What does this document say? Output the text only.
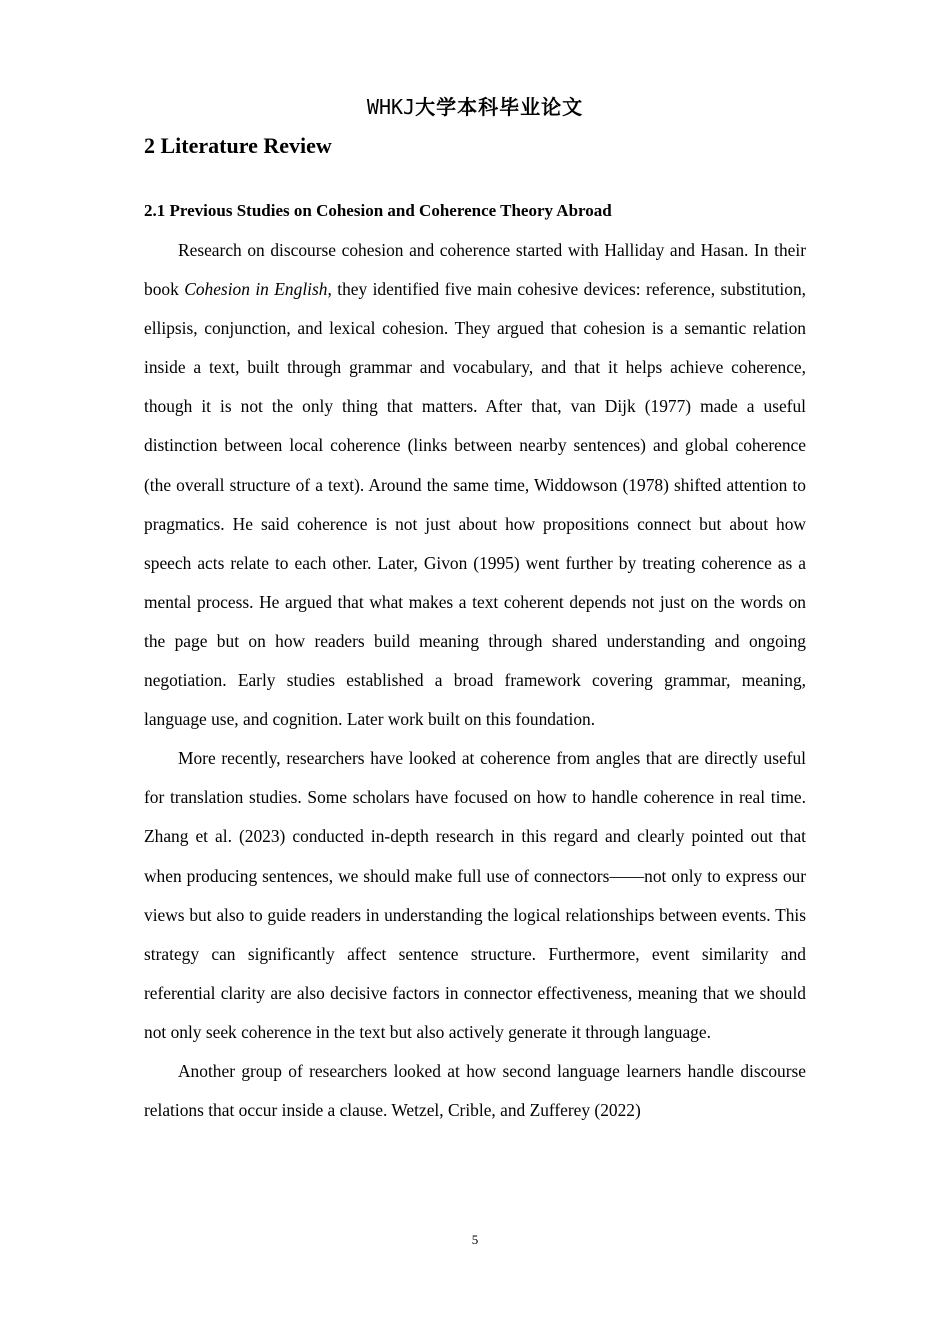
WHKJ大学本科毕业论文
2 Literature Review
2.1 Previous Studies on Cohesion and Coherence Theory Abroad

Research on discourse cohesion and coherence started with Halliday and Hasan. In their book Cohesion in English, they identified five main cohesive devices: reference, substitution, ellipsis, conjunction, and lexical cohesion. They argued that cohesion is a semantic relation inside a text, built through grammar and vocabulary, and that it helps achieve coherence, though it is not the only thing that matters. After that, van Dijk (1977) made a useful distinction between local coherence (links between nearby sentences) and global coherence (the overall structure of a text). Around the same time, Widdowson (1978) shifted attention to pragmatics. He said coherence is not just about how propositions connect but about how speech acts relate to each other. Later, Givon (1995) went further by treating coherence as a mental process. He argued that what makes a text coherent depends not just on the words on the page but on how readers build meaning through shared understanding and ongoing negotiation. Early studies established a broad framework covering grammar, meaning, language use, and cognition. Later work built on this foundation.

More recently, researchers have looked at coherence from angles that are directly useful for translation studies. Some scholars have focused on how to handle coherence in real time. Zhang et al. (2023) conducted in-depth research in this regard and clearly pointed out that when producing sentences, we should make full use of connectors——not only to express our views but also to guide readers in understanding the logical relationships between events. This strategy can significantly affect sentence structure. Furthermore, event similarity and referential clarity are also decisive factors in connector effectiveness, meaning that we should not only seek coherence in the text but also actively generate it through language.

Another group of researchers looked at how second language learners handle discourse relations that occur inside a clause. Wetzel, Crible, and Zufferey (2022)

5
